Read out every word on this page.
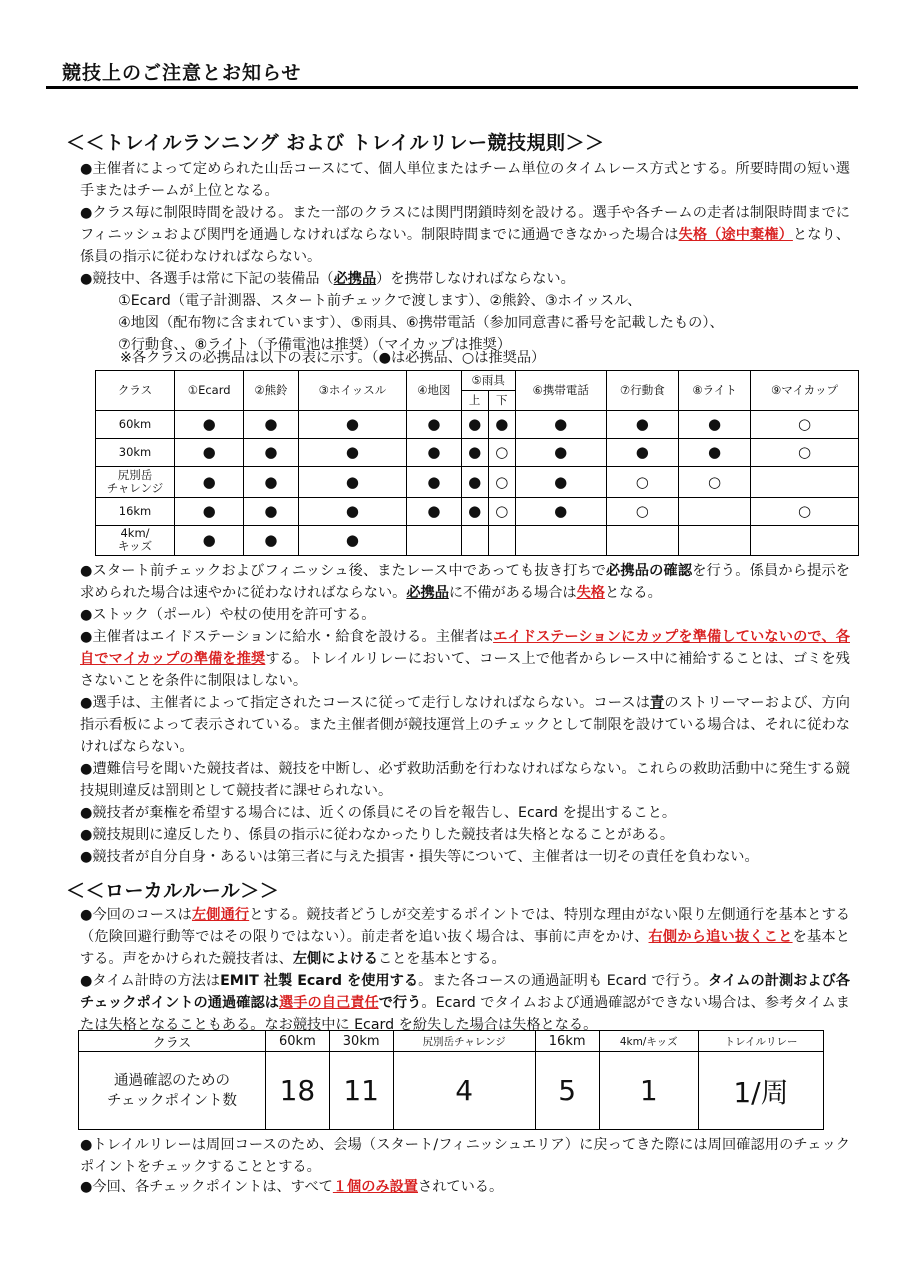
競技上のご注意とお知らせ
＜＜トレイルランニング および トレイルリレー競技規則＞＞
●主催者によって定められた山岳コースにて、個人単位またはチーム単位のタイムレース方式とする。所要時間の短い選手またはチームが上位となる。
●クラス毎に制限時間を設ける。また一部のクラスには関門閉鎖時刻を設ける。選手や各チームの走者は制限時間までにフィニッシュおよび関門を通過しなければならない。制限時間までに通過できなかった場合は失格（途中棄権）となり、係員の指示に従わなければならない。
●競技中、各選手は常に下記の装備品（必携品）を携帯しなければならない。
①Ecard（電子計測器、スタート前チェックで渡します）、②熊鈴、③ホイッスル、
④地図（配布物に含まれています）、⑤雨具、⑥携帯電話（参加同意書に番号を記載したもの）、
⑦行動食、、⑧ライト（予備電池は推奨）（マイカップは推奨）
※各クラスの必携品は以下の表に示す。（●は必携品、○は推奨品）
クラス	①Ecard	②熊鈴	③ホイッスル	④地図	⑤雨具		⑥携帯電話	⑦行動食	⑧ライト	⑨マイカップ
					上	下				
60km	●	●	●	●	●	●	●	●	●	○
30km	●	●	●	●	●	○	●	●	●	○
尻別岳
チャレンジ	●	●	●	●	●	○	●	○	○	
16km	●	●	●	●	●	○	●	○		○
4km/
キッズ	●	●	●							
●スタート前チェックおよびフィニッシュ後、またレース中であっても抜き打ちで必携品の確認を行う。係員から提示を求められた場合は速やかに従わなければならない。必携品に不備がある場合は失格となる。
●ストック（ポール）や杖の使用を許可する。
●主催者はエイドステーションに給水・給食を設ける。主催者はエイドステーションにカップを準備していないので、各自でマイカップの準備を推奨する。トレイルリレーにおいて、コース上で他者からレース中に補給することは、ゴミを残さないことを条件に制限はしない。
●選手は、主催者によって指定されたコースに従って走行しなければならない。コースは青のストリーマーおよび、方向指示看板によって表示されている。また主催者側が競技運営上のチェックとして制限を設けている場合は、それに従わなければならない。
●遭難信号を聞いた競技者は、競技を中断し、必ず救助活動を行わなければならない。これらの救助活動中に発生する競技規則違反は罰則として競技者に課せられない。
●競技者が棄権を希望する場合には、近くの係員にその旨を報告し、Ecard を提出すること。
●競技規則に違反したり、係員の指示に従わなかったりした競技者は失格となることがある。
●競技者が自分自身・あるいは第三者に与えた損害・損失等について、主催者は一切その責任を負わない。
＜＜ローカルルール＞＞
●今回のコースは左側通行とする。競技者どうしが交差するポイントでは、特別な理由がない限り左側通行を基本とする（危険回避行動等ではその限りではない）。前走者を追い抜く場合は、事前に声をかけ、右側から追い抜くことを基本とする。声をかけられた競技者は、左側によけることを基本とする。
●タイム計時の方法はEMIT 社製 Ecard を使用する。また各コースの通過証明も Ecard で行う。タイムの計測および各チェックポイントの通過確認は選手の自己責任で行う。Ecard でタイムおよび通過確認ができない場合は、参考タイムまたは失格となることもある。なお競技中に Ecard を紛失した場合は失格となる。
クラス	60km	30km	尻別岳チャレンジ	16km	4km/キッズ	トレイルリレー
通過確認のための
チェックポイント数	18	11	4	5	1	1/周
●トレイルリレーは周回コースのため、会場（スタート/フィニッシュエリア）に戻ってきた際には周回確認用のチェックポイントをチェックすることとする。
●今回、各チェックポイントは、すべて１個のみ設置されている。
